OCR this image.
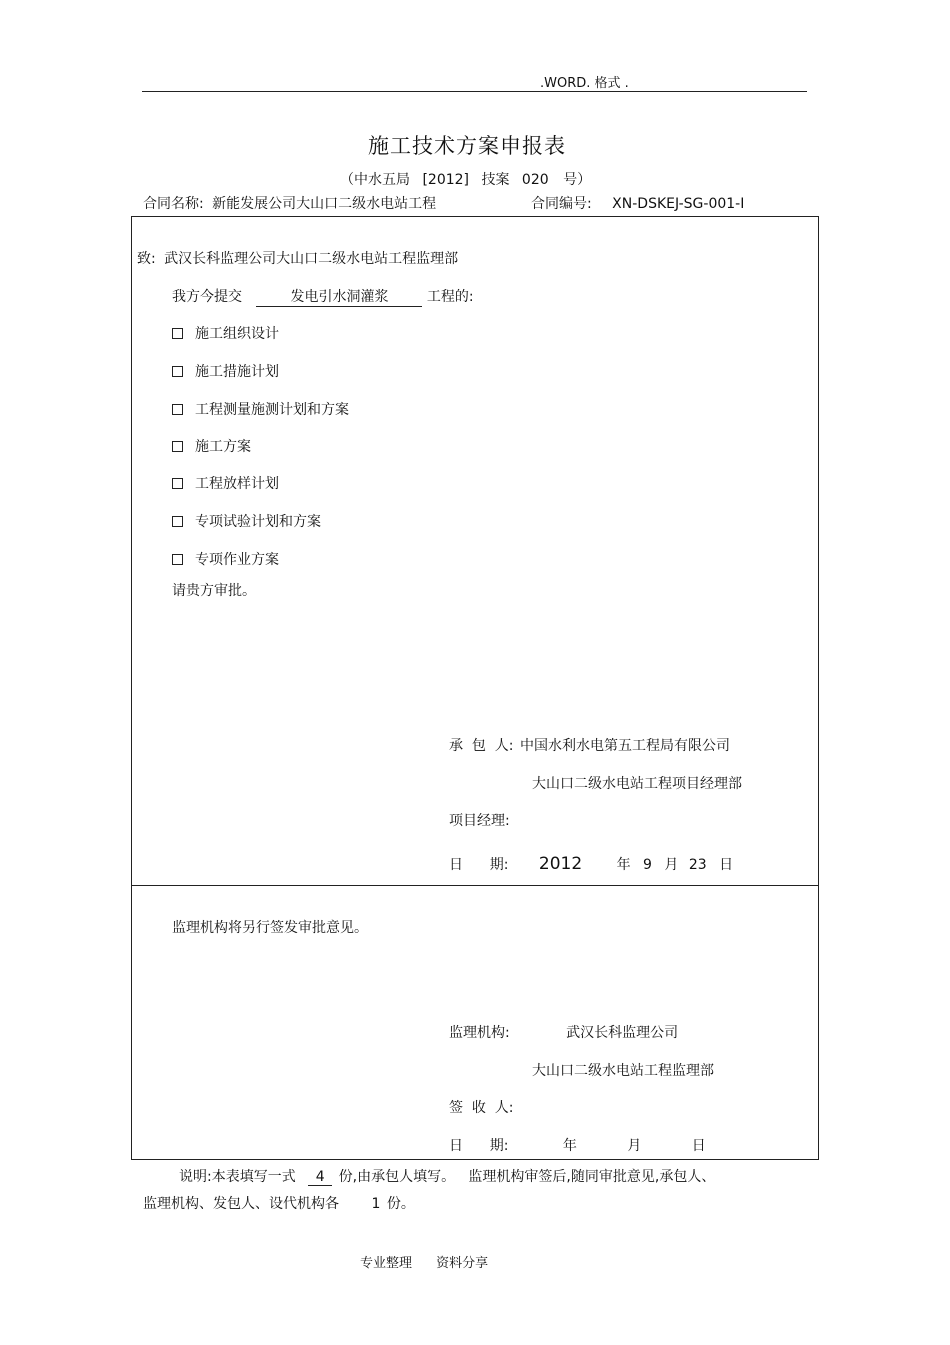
.WORD. 格式 .
施工技术方案申报表
（中水五局 [2012] 技案 020 号）
合同名称: 新能发展公司大山口二级水电站工程	合同编号: XN-DSKEJ-SG-001-Ⅰ
致: 武汉长科监理公司大山口二级水电站工程监理部
我方今提交	发电引水洞灌浆	工程的:
施工组织设计
施工措施计划
工程测量施测计划和方案
施工方案
工程放样计划
专项试验计划和方案
专项作业方案
请贵方审批。
承  包  人: 中国水利水电第五工程局有限公司
大山口二级水电站工程项目经理部
项目经理:
日      期: 2012 年 9 月 23 日
监理机构将另行签发审批意见。
监理机构:	武汉长科监理公司
大山口二级水电站工程监理部
签  收  人:
日      期:	年	月	日
说明:本表填写一式 4 份,由承包人填写。   监理机构审签后,随同审批意见,承包人、
监理机构、发包人、设代机构各 1 份。
专业整理 资料分享
